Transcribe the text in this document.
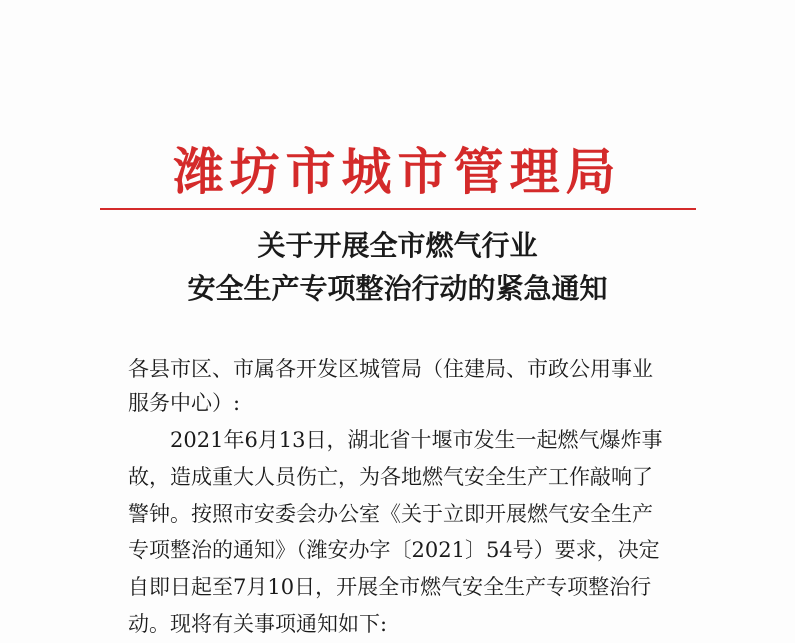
潍坊市城市管理局
关于开展全市燃气行业
安全生产专项整治行动的紧急通知

各县市区、市属各开发区城管局（住建局、市政公用事业

服务中心）:

2021年6月13日，湖北省十堰市发生一起燃气爆炸事

故，造成重大人员伤亡，为各地燃气安全生产工作敲响了

警钟。按照市安委会办公室《关于立即开展燃气安全生产

专项整治的通知》（潍安办字〔2021〕54号）要求，决定

自即日起至7月10日，开展全市燃气安全生产专项整治行

动。现将有关事项通知如下:
